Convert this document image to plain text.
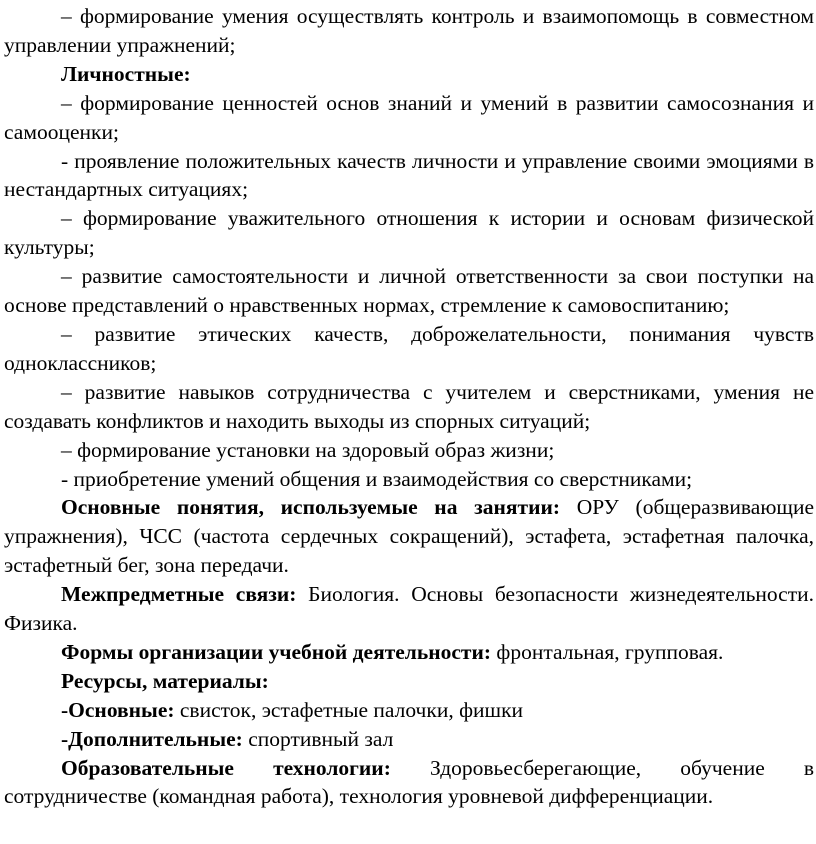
– формирование умения осуществлять контроль и взаимопомощь в совместном управлении упражнений;

Личностные:

– формирование ценностей основ знаний и умений в развитии самосознания и самооценки;

- проявление положительных качеств личности и управление своими эмоциями в нестандартных ситуациях;

– формирование уважительного отношения к истории и основам физической культуры;

– развитие самостоятельности и личной ответственности за свои поступки на основе представлений о нравственных нормах, стремление к самовоспитанию;

– развитие этических качеств, доброжелательности, понимания чувств одноклассников;

– развитие навыков сотрудничества с учителем и сверстниками, умения не создавать конфликтов и находить выходы из спорных ситуаций;

– формирование установки на здоровый образ жизни;

- приобретение умений общения и взаимодействия со сверстниками;

Основные понятия, используемые на занятии: ОРУ (общеразвивающие упражнения), ЧСС (частота сердечных сокращений), эстафета, эстафетная палочка, эстафетный бег, зона передачи.

Межпредметные связи: Биология. Основы безопасности жизнедеятельности. Физика.

Формы организации учебной деятельности: фронтальная, групповая.

Ресурсы, материалы:

-Основные: свисток, эстафетные палочки, фишки

-Дополнительные: спортивный зал

Образовательные технологии: Здоровьесберегающие, обучение в сотрудничестве (командная работа), технология уровневой дифференциации.
